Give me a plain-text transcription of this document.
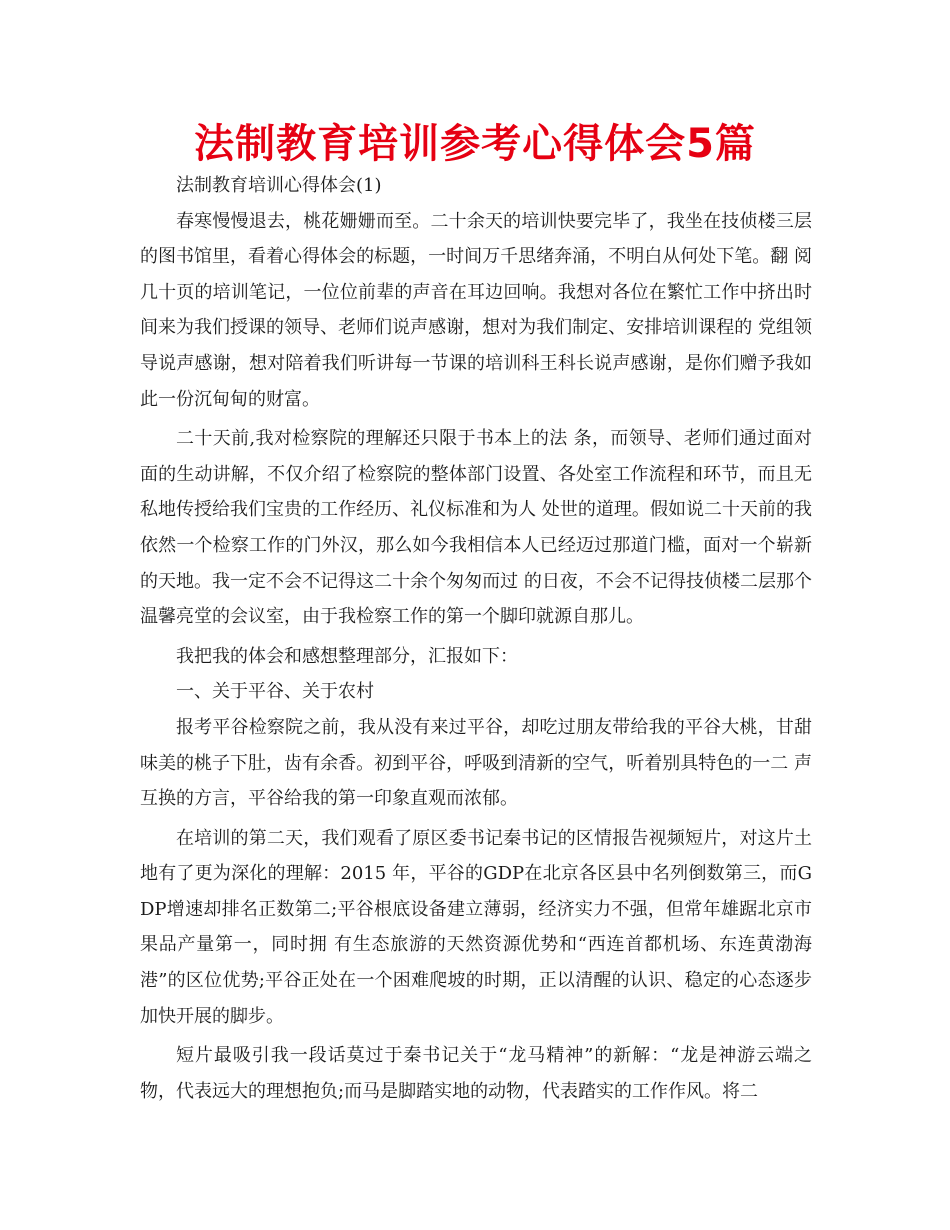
法制教育培训参考心得体会5篇

法制教育培训心得体会(1)

春寒慢慢退去，桃花姗姗而至。二十余天的培训快要完毕了，我坐在技侦楼三层的图书馆里，看着心得体会的标题，一时间万千思绪奔涌，不明白从何处下笔。翻 阅几十页的培训笔记，一位位前辈的声音在耳边回响。我想对各位在繁忙工作中挤出时间来为我们授课的领导、老师们说声感谢，想对为我们制定、安排培训课程的 党组领导说声感谢，想对陪着我们听讲每一节课的培训科王科长说声感谢，是你们赠予我如此一份沉甸甸的财富。

二十天前,我对检察院的理解还只限于书本上的法 条，而领导、老师们通过面对面的生动讲解，不仅介绍了检察院的整体部门设置、各处室工作流程和环节，而且无私地传授给我们宝贵的工作经历、礼仪标准和为人 处世的道理。假如说二十天前的我依然一个检察工作的门外汉，那么如今我相信本人已经迈过那道门槛，面对一个崭新的天地。我一定不会不记得这二十余个匆匆而过 的日夜，不会不记得技侦楼二层那个温馨亮堂的会议室，由于我检察工作的第一个脚印就源自那儿。

我把我的体会和感想整理部分，汇报如下：

一、关于平谷、关于农村

报考平谷检察院之前，我从没有来过平谷，却吃过朋友带给我的平谷大桃，甘甜味美的桃子下肚，齿有余香。初到平谷，呼吸到清新的空气，听着别具特色的一二 声互换的方言，平谷给我的第一印象直观而浓郁。

在培训的第二天，我们观看了原区委书记秦书记的区情报告视频短片，对这片土地有了更为深化的理解：2015 年，平谷的GDP在北京各区县中名列倒数第三，而GDP增速却排名正数第二;平谷根底设备建立薄弱，经济实力不强，但常年雄踞北京市果品产量第一，同时拥 有生态旅游的天然资源优势和“西连首都机场、东连黄渤海港”的区位优势;平谷正处在一个困难爬坡的时期，正以清醒的认识、稳定的心态逐步加快开展的脚步。

短片最吸引我一段话莫过于秦书记关于“龙马精神”的新解：“龙是神游云端之物，代表远大的理想抱负;而马是脚踏实地的动物，代表踏实的工作作风。将二
